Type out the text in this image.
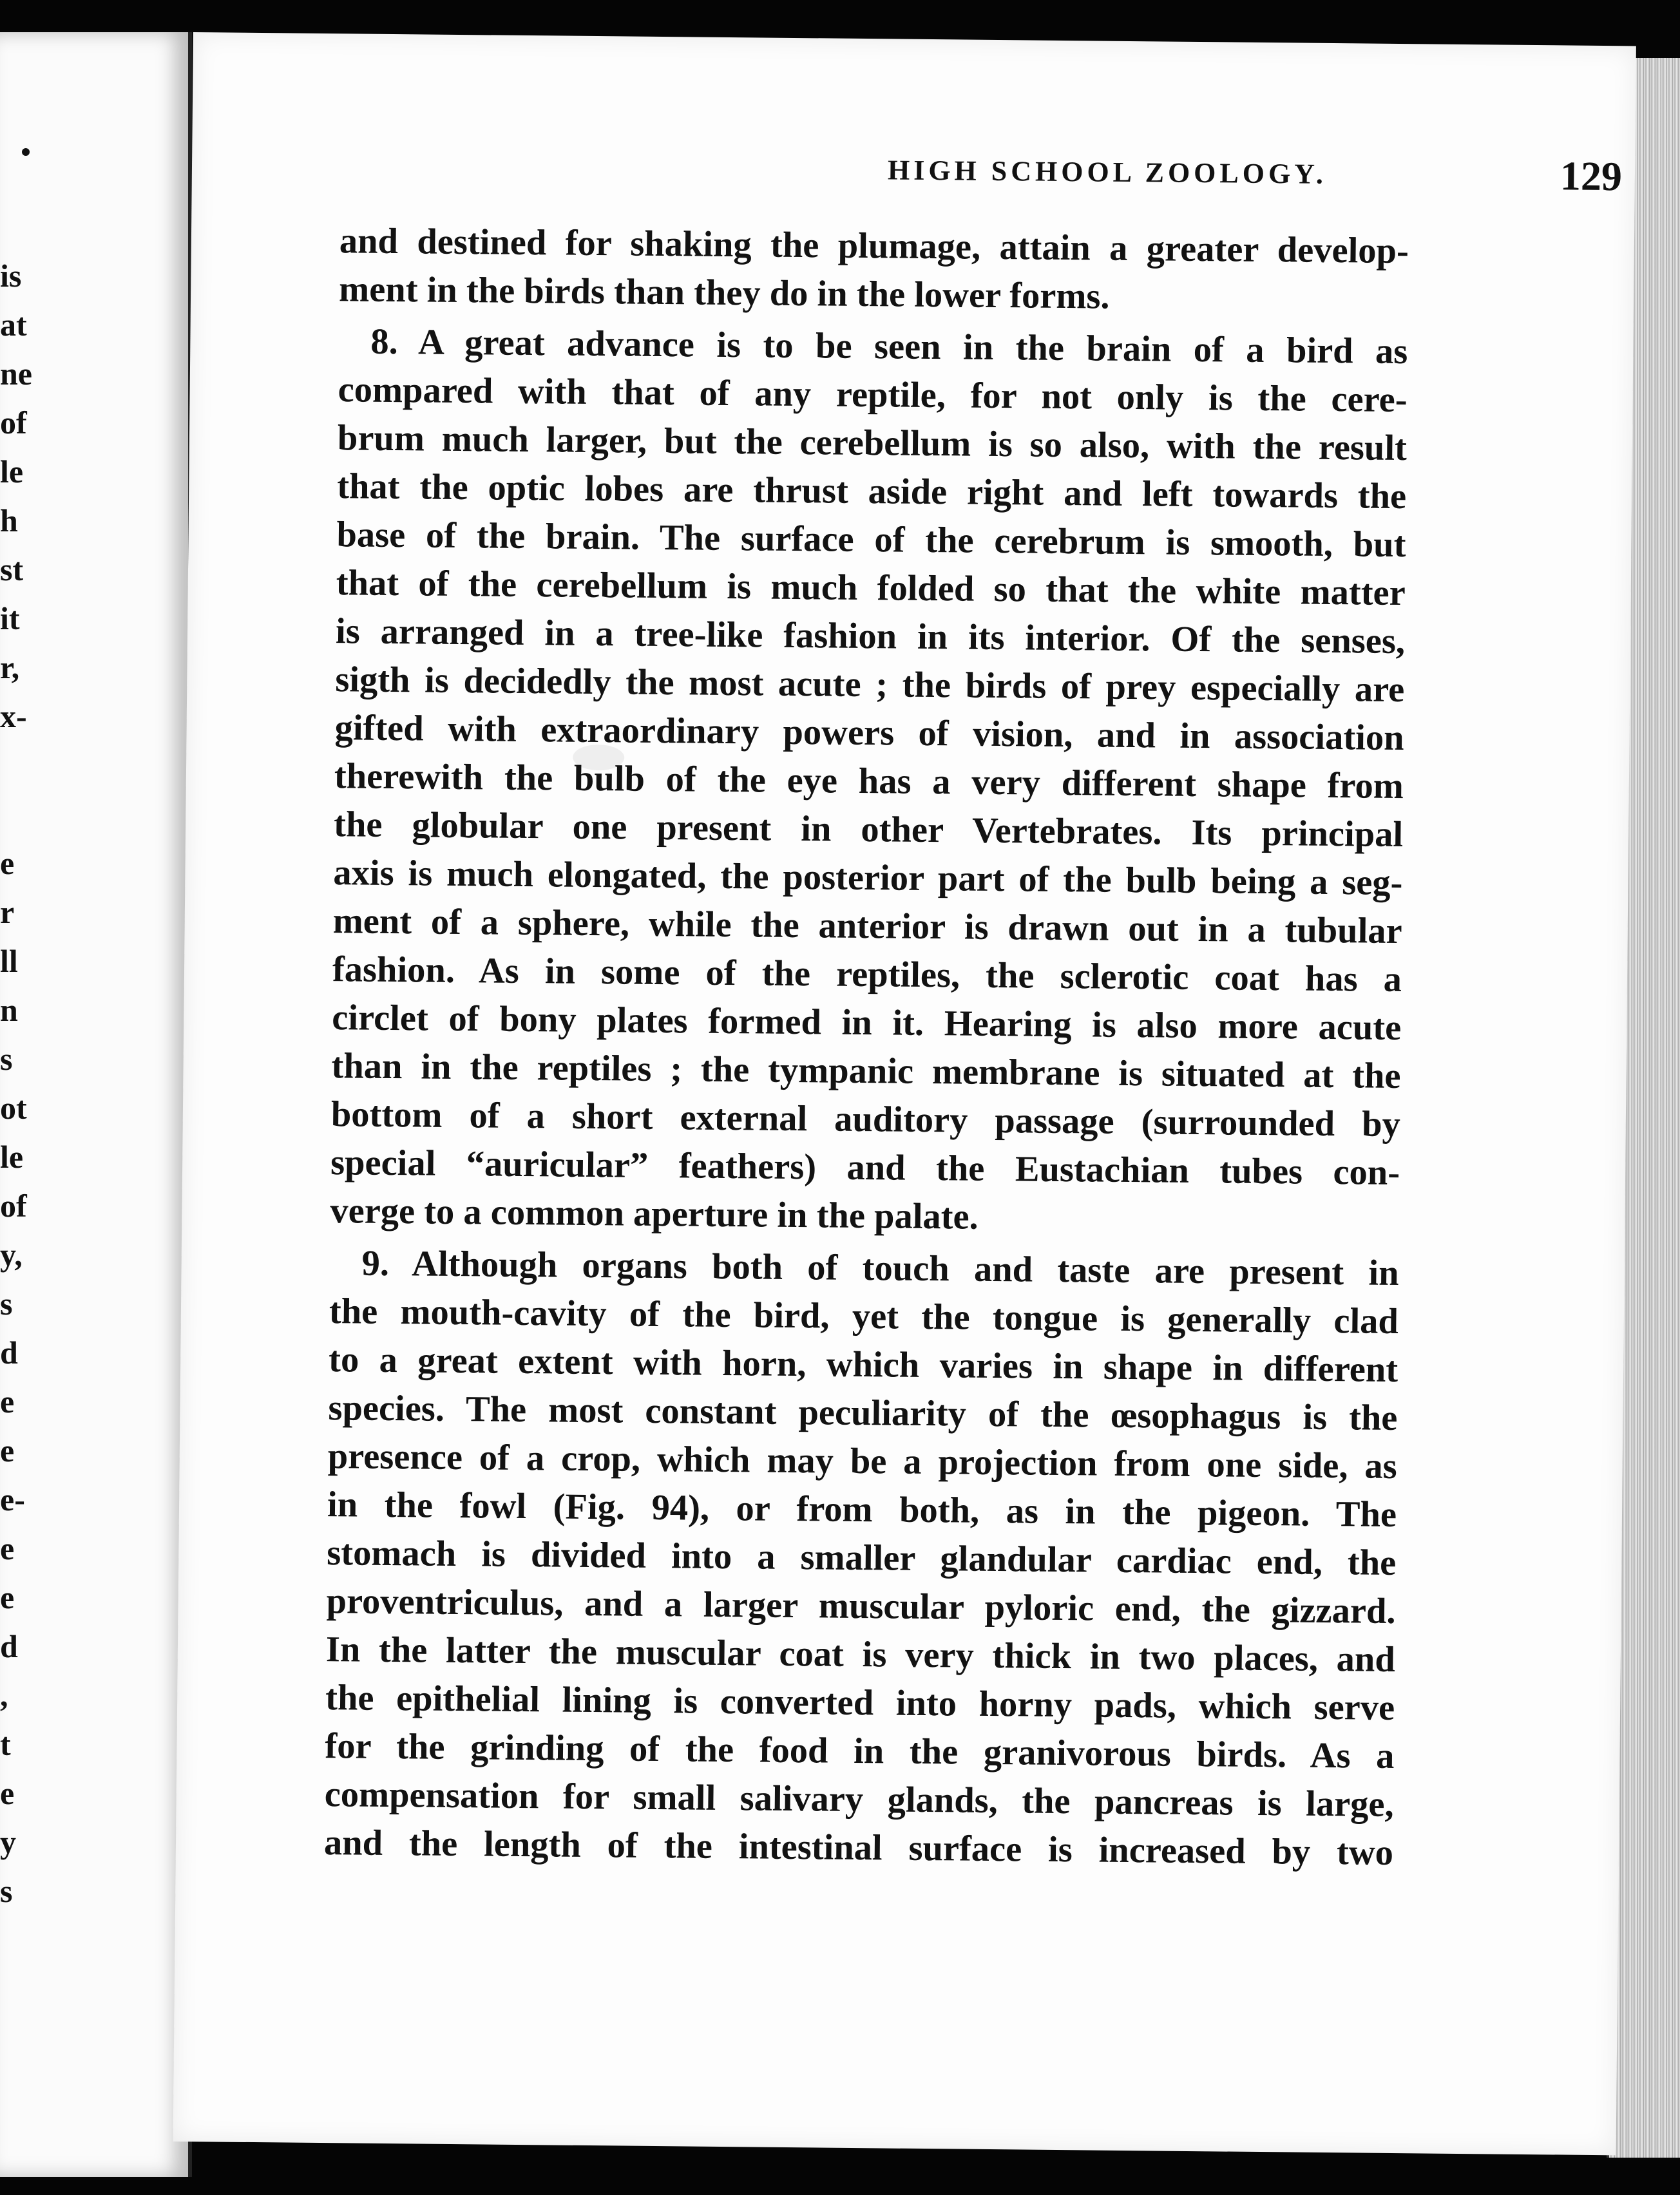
is
at
ne
of
le
h
st
it
r,
x-
e
r
ll
n
s
ot
le
of
y,
s
d
e
e
e-
e
e
d
,
t
e
y
s
HIGH SCHOOL ZOOLOGY.	129
and destined for shaking the plumage, attain a greater develop-
ment in the birds than they do in the lower forms.
8. A great advance is to be seen in the brain of a bird as
compared with that of any reptile, for not only is the cere-
brum much larger, but the cerebellum is so also, with the result
that the optic lobes are thrust aside right and left towards the
base of the brain. The surface of the cerebrum is smooth, but
that of the cerebellum is much folded so that the white matter
is arranged in a tree-like fashion in its interior. Of the senses,
sigth is decidedly the most acute ; the birds of prey especially are
gifted with extraordinary powers of vision, and in association
therewith the bulb of the eye has a very different shape from
the globular one present in other Vertebrates. Its principal
axis is much elongated, the posterior part of the bulb being a seg-
ment of a sphere, while the anterior is drawn out in a tubular
fashion. As in some of the reptiles, the sclerotic coat has a
circlet of bony plates formed in it. Hearing is also more acute
than in the reptiles ; the tympanic membrane is situated at the
bottom of a short external auditory passage (surrounded by
special “auricular” feathers) and the Eustachian tubes con-
verge to a common aperture in the palate.
9. Although organs both of touch and taste are present in
the mouth-cavity of the bird, yet the tongue is generally clad
to a great extent with horn, which varies in shape in different
species. The most constant peculiarity of the œsophagus is the
presence of a crop, which may be a projection from one side, as
in the fowl (Fig. 94), or from both, as in the pigeon. The
stomach is divided into a smaller glandular cardiac end, the
proventriculus, and a larger muscular pyloric end, the gizzard.
In the latter the muscular coat is very thick in two places, and
the epithelial lining is converted into horny pads, which serve
for the grinding of the food in the granivorous birds. As a
compensation for small salivary glands, the pancreas is large,
and the length of the intestinal surface is increased by two
